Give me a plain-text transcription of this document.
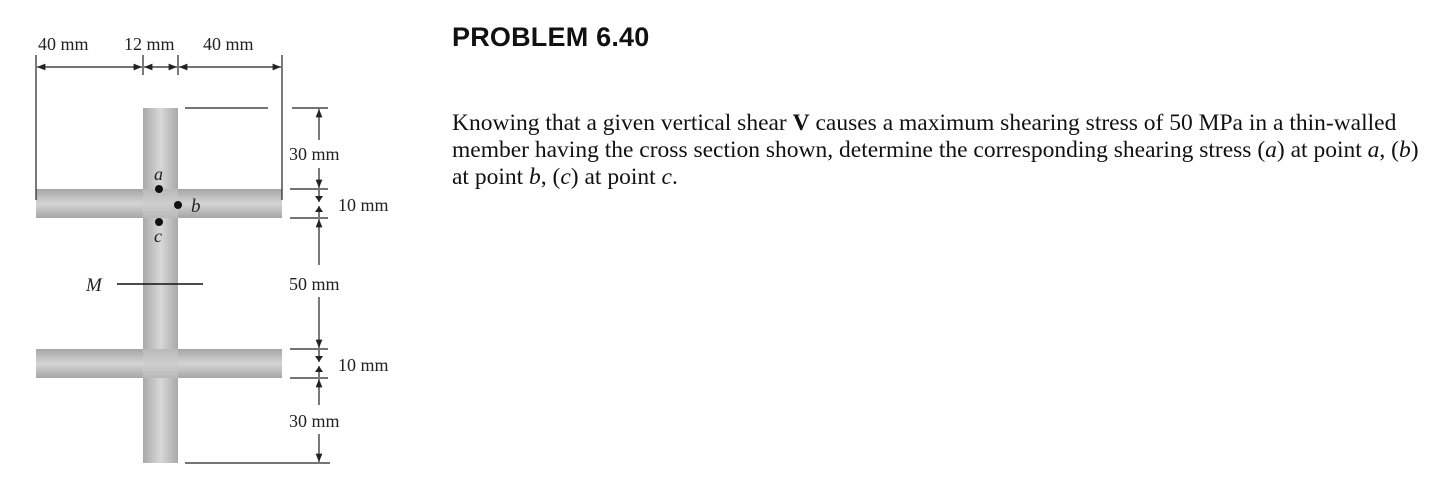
40 mm 12 mm 40 mm
30 mm
10 mm
50 mm
10 mm
30 mm
a
b
c
M
PROBLEM 6.40

Knowing that a given vertical shear V causes a maximum shearing stress of 50 MPa in a thin-walled member having the cross section shown, determine the corresponding shearing stress (a) at point a, (b) at point b, (c) at point c.
